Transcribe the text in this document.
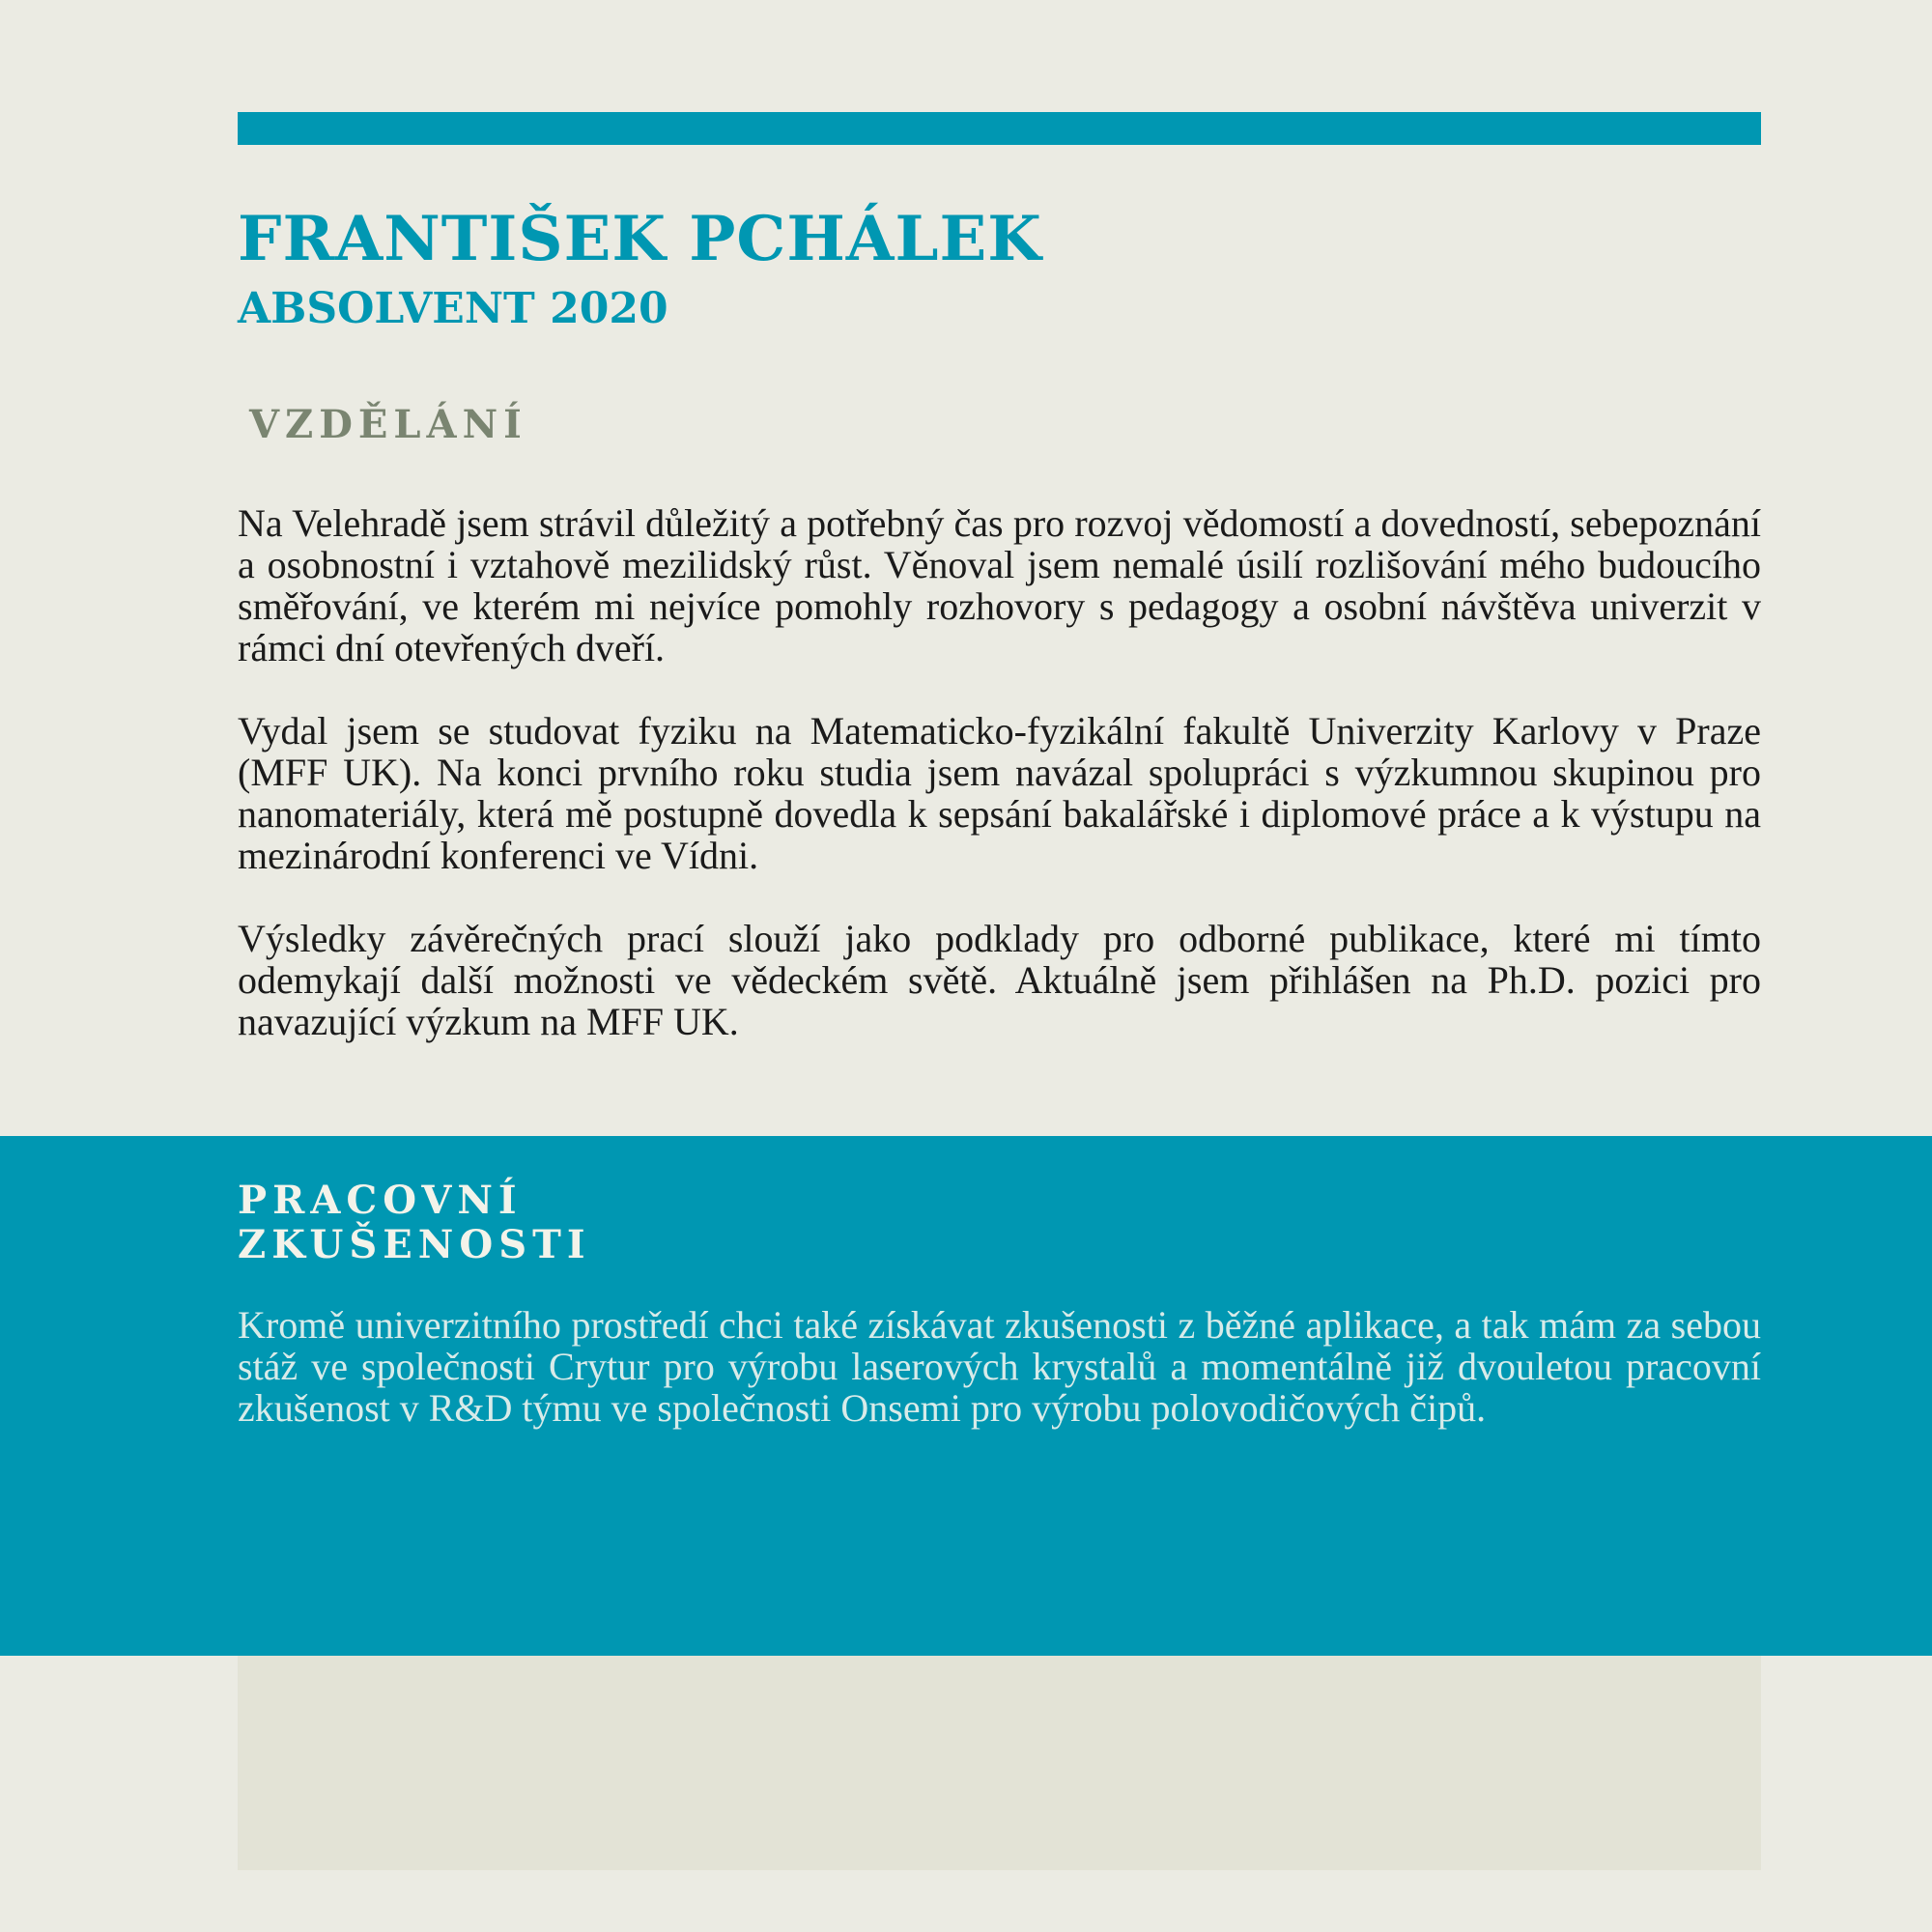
FRANTIŠEK PCHÁLEK
ABSOLVENT 2020
VZDĚLÁNÍ

Na Velehradě jsem strávil důležitý a potřebný čas pro rozvoj vědomostí a dovedností, sebepoznání a osobnostní i vztahově mezilidský růst. Věnoval jsem nemalé úsilí rozlišování mého budoucího směřování, ve kterém mi nejvíce pomohly rozhovory s pedagogy a osobní návštěva univerzit v rámci dní otevřených dveří.

Vydal jsem se studovat fyziku na Matematicko-fyzikální fakultě Univerzity Karlovy v Praze (MFF UK). Na konci prvního roku studia jsem navázal spolupráci s výzkumnou skupinou pro nanomateriály, která mě postupně dovedla k sepsání bakalářské i diplomové práce a k výstupu na mezinárodní konferenci ve Vídni.

Výsledky závěrečných prací slouží jako podklady pro odborné publikace, které mi tímto odemykají další možnosti ve vědeckém světě. Aktuálně jsem přihlášen na Ph.D. pozici pro navazující výzkum na MFF UK.

PRACOVNÍ
ZKUŠENOSTI

Kromě univerzitního prostředí chci také získávat zkušenosti z běžné aplikace, a tak mám za sebou stáž ve společnosti Crytur pro výrobu laserových krystalů a momentálně již dvouletou pracovní zkušenost v R&D týmu ve společnosti Onsemi pro výrobu polovodičových čipů.
